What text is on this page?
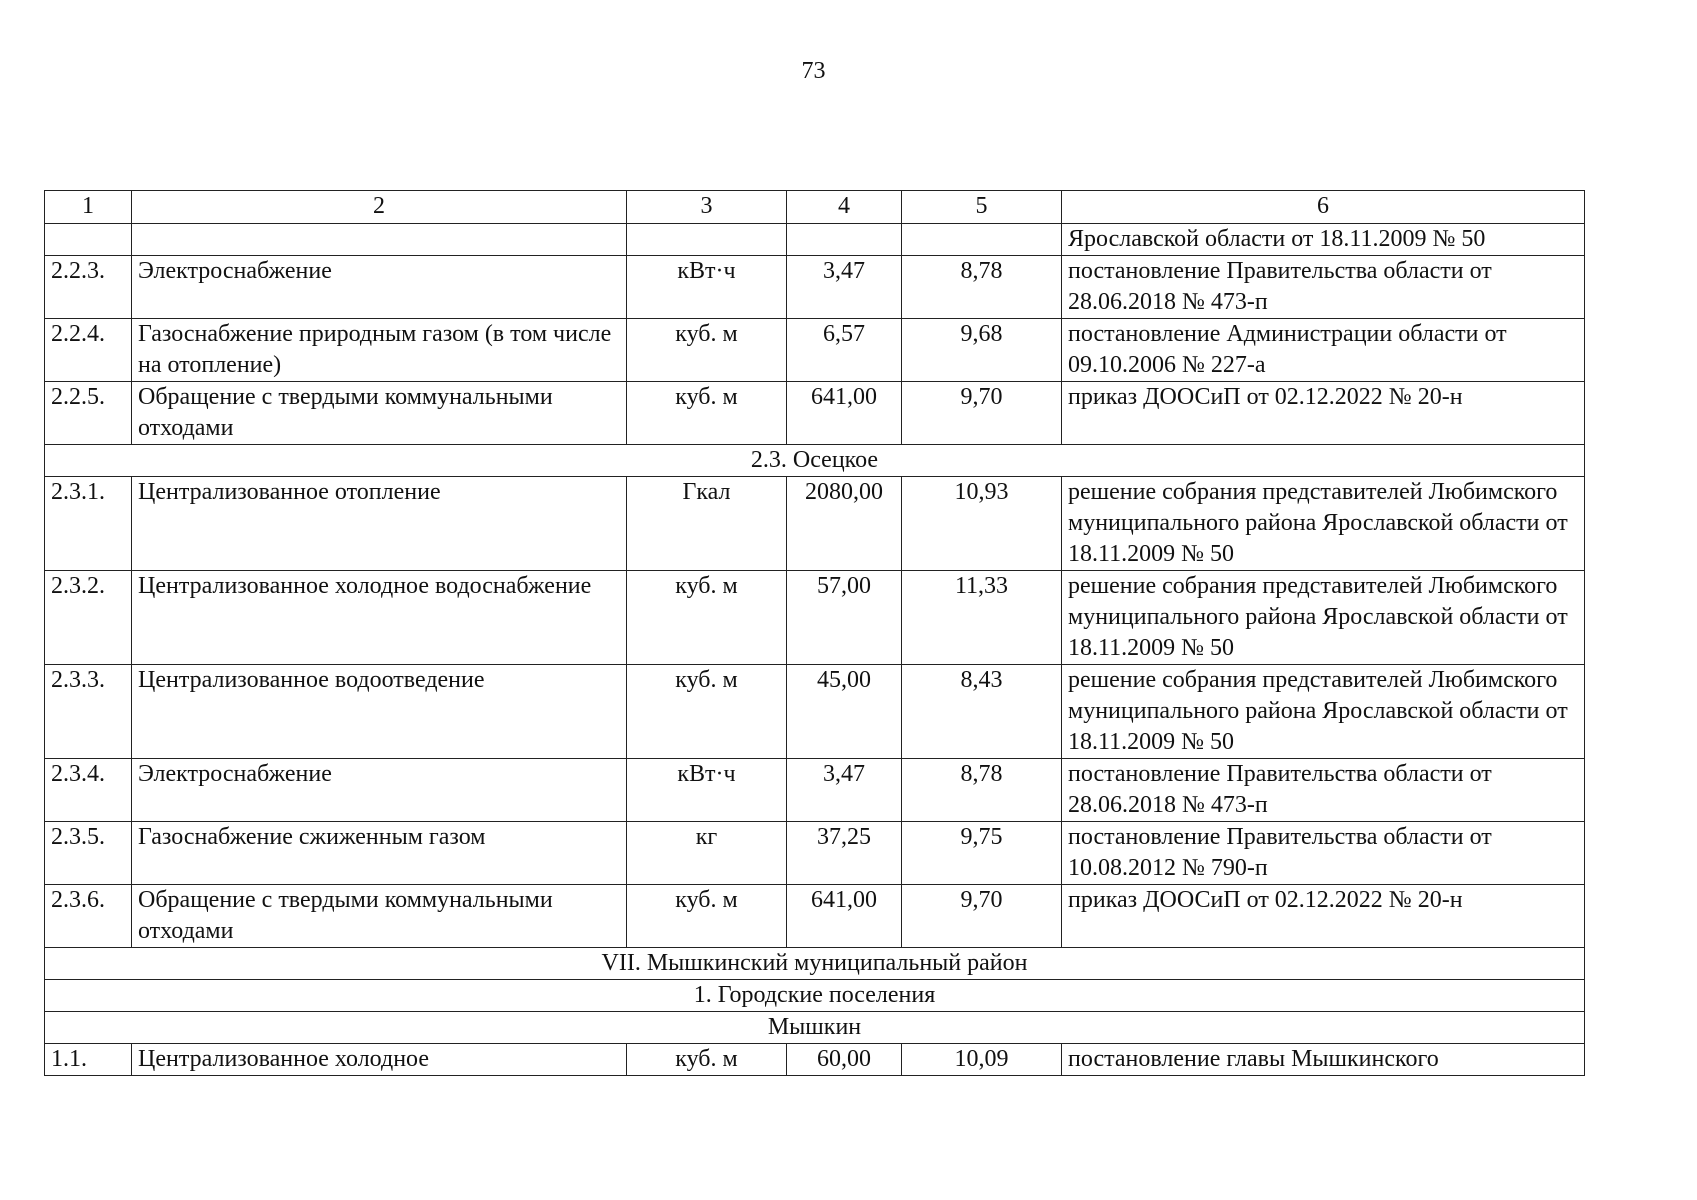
73
1	2	3	4	5	6
					Ярославской области от 18.11.2009 № 50
2.2.3.	Электроснабжение	кВт·ч	3,47	8,78	постановление Правительства области от 28.06.2018 № 473-п
2.2.4.	Газоснабжение природным газом (в том числе на отопление)	куб. м	6,57	9,68	постановление Администрации области от 09.10.2006 № 227-а
2.2.5.	Обращение с твердыми коммунальными отходами	куб. м	641,00	9,70	приказ ДООСиП от 02.12.2022 № 20-н
2.3. Осецкое					
2.3.1.	Централизованное отопление	Гкал	2080,00	10,93	решение собрания представителей Любимского муниципального района Ярославской области от 18.11.2009 № 50
2.3.2.	Централизованное холодное водоснабжение	куб. м	57,00	11,33	решение собрания представителей Любимского муниципального района Ярославской области от 18.11.2009 № 50
2.3.3.	Централизованное водоотведение	куб. м	45,00	8,43	решение собрания представителей Любимского муниципального района Ярославской области от 18.11.2009 № 50
2.3.4.	Электроснабжение	кВт·ч	3,47	8,78	постановление Правительства области от 28.06.2018 № 473-п
2.3.5.	Газоснабжение сжиженным газом	кг	37,25	9,75	постановление Правительства области от 10.08.2012 № 790-п
2.3.6.	Обращение с твердыми коммунальными отходами	куб. м	641,00	9,70	приказ ДООСиП от 02.12.2022 № 20-н
VII. Мышкинский муниципальный район					
1. Городские поселения					
Мышкин					
1.1.	Централизованное холодное	куб. м	60,00	10,09	постановление главы Мышкинского
